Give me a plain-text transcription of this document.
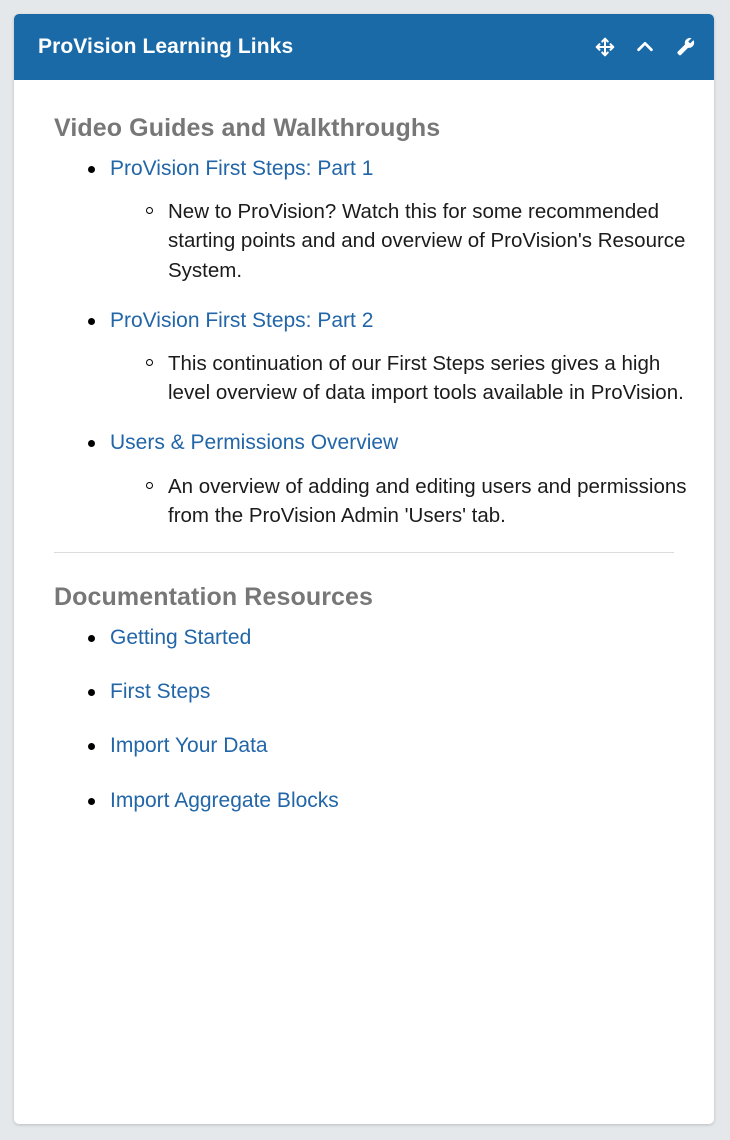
ProVision Learning Links
Video Guides and Walkthroughs
ProVision First Steps: Part 1
New to ProVision? Watch this for some recommended starting points and and overview of ProVision's Resource System.
ProVision First Steps: Part 2
This continuation of our First Steps series gives a high level overview of data import tools available in ProVision.
Users & Permissions Overview
An overview of adding and editing users and permissions from the ProVision Admin 'Users' tab.
Documentation Resources
Getting Started
First Steps
Import Your Data
Import Aggregate Blocks
